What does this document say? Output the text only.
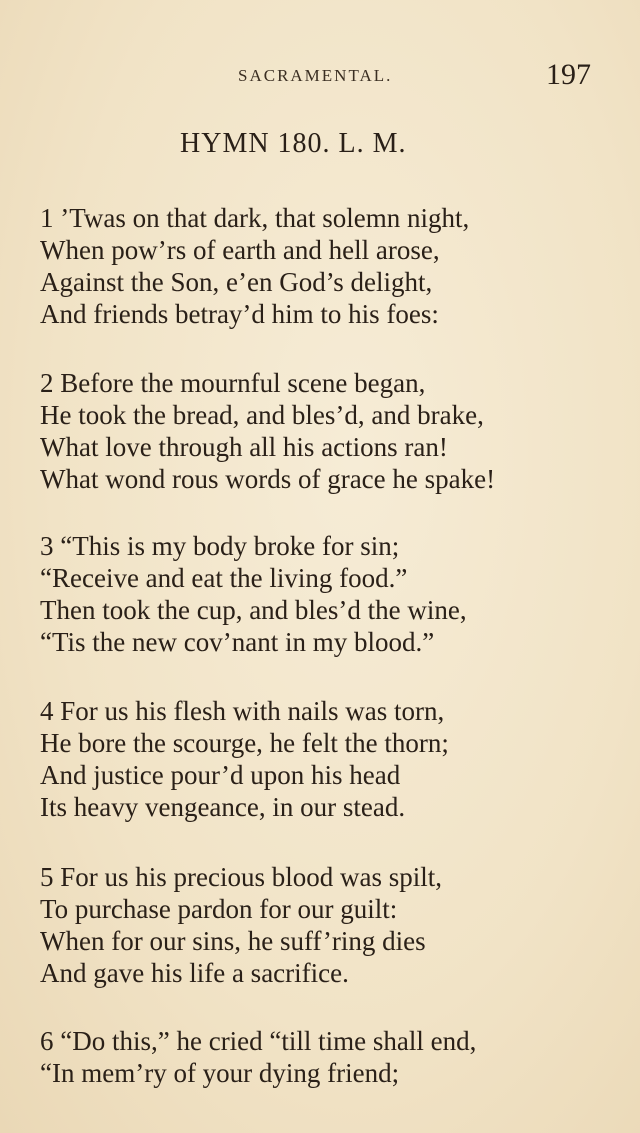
SACRAMENTAL.	197
HYMN 180. L. M.
1 ’Twas on that dark, that solemn night,
When pow’rs of earth and hell arose,
Against the Son, e’en God’s delight,
And friends betray’d him to his foes:
2 Before the mournful scene began,
He took the bread, and bles’d, and brake,
What love through all his actions ran!
What wond rous words of grace he spake!
3 “This is my body broke for sin;
“Receive and eat the living food.”
Then took the cup, and bles’d the wine,
“Tis the new cov’nant in my blood.”
4 For us his flesh with nails was torn,
He bore the scourge, he felt the thorn;
And justice pour’d upon his head
Its heavy vengeance, in our stead.
5 For us his precious blood was spilt,
To purchase pardon for our guilt:
When for our sins, he suff’ring dies
And gave his life a sacrifice.
6 “Do this,” he cried “till time shall end,
“In mem’ry of your dying friend;
